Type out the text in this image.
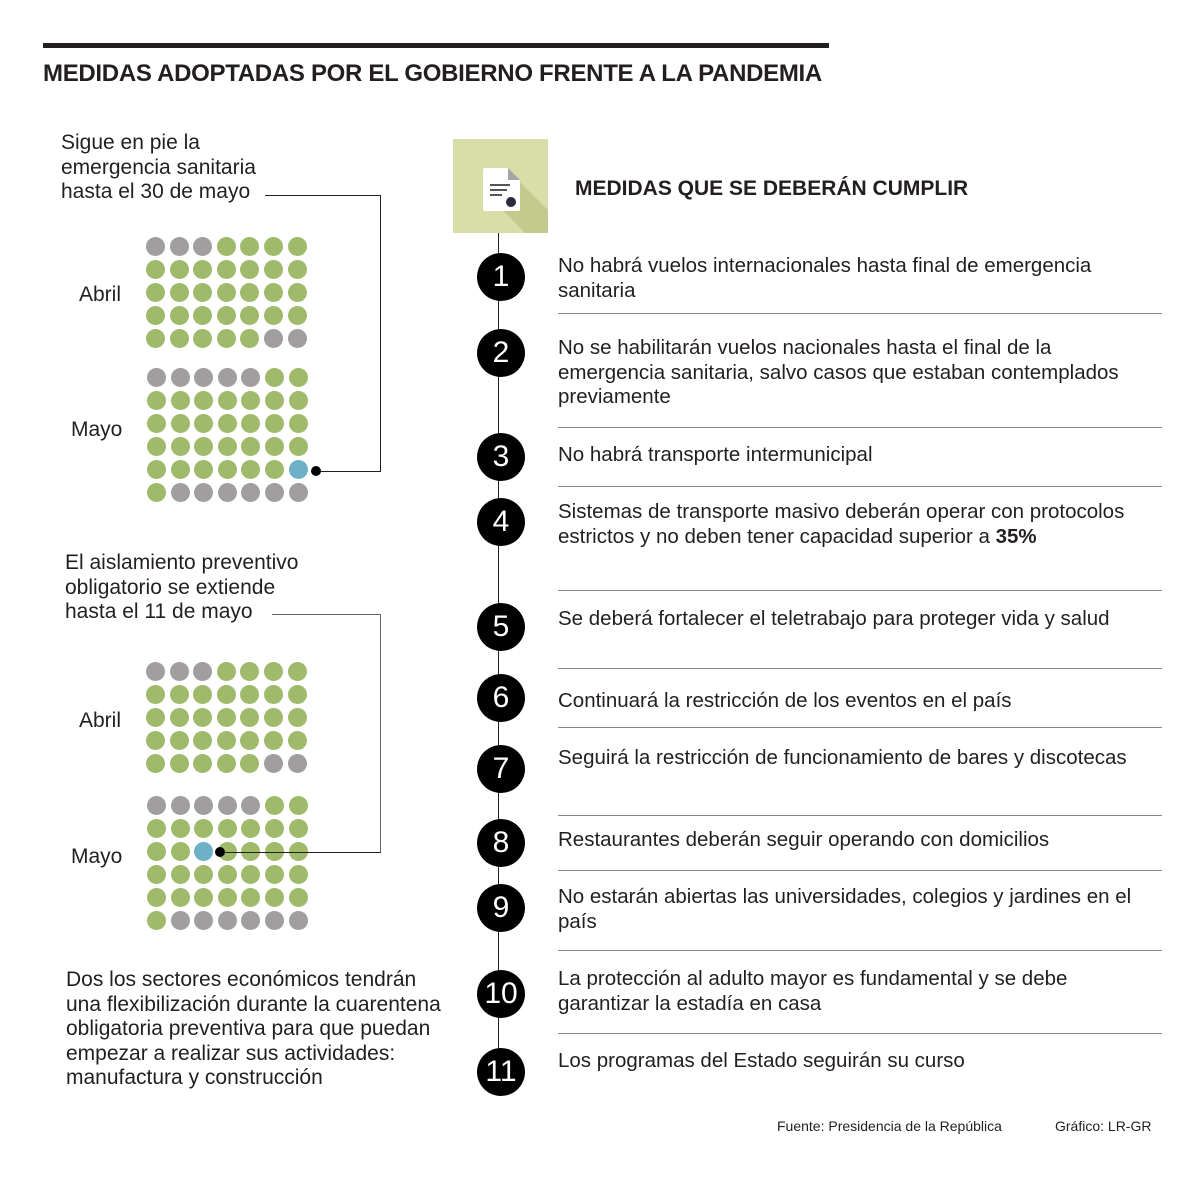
MEDIDAS ADOPTADAS POR EL GOBIERNO FRENTE A LA PANDEMIA
Sigue en pie la emergencia sanitaria hasta el 30 de mayo
Abril
Mayo
El aislamiento preventivo obligatorio se extiende hasta el 11 de mayo
Abril
Mayo
Dos los sectores económicos tendrán una flexibilización durante la cuarentena obligatoria preventiva para que puedan empezar a realizar sus actividades: manufactura y construcción
MEDIDAS QUE SE DEBERÁN CUMPLIR
1	No habrá vuelos internacionales hasta final de emergencia sanitaria
2	No se habilitarán vuelos nacionales hasta el final de la emergencia sanitaria, salvo casos que estaban contemplados previamente
3	No habrá transporte intermunicipal
4	Sistemas de transporte masivo deberán operar con protocolos estrictos y no deben tener capacidad superior a 35%
5	Se deberá fortalecer el teletrabajo para proteger vida y salud
6	Continuará la restricción de los eventos en el país
7	Seguirá la restricción de funcionamiento de bares y discotecas
8	Restaurantes deberán seguir operando con domicilios
9	No estarán abiertas las universidades, colegios y jardines en el país
10	La protección al adulto mayor es fundamental y se debe garantizar la estadía en casa
11	Los programas del Estado seguirán su curso
Fuente: Presidencia de la República	Gráfico: LR-GR
